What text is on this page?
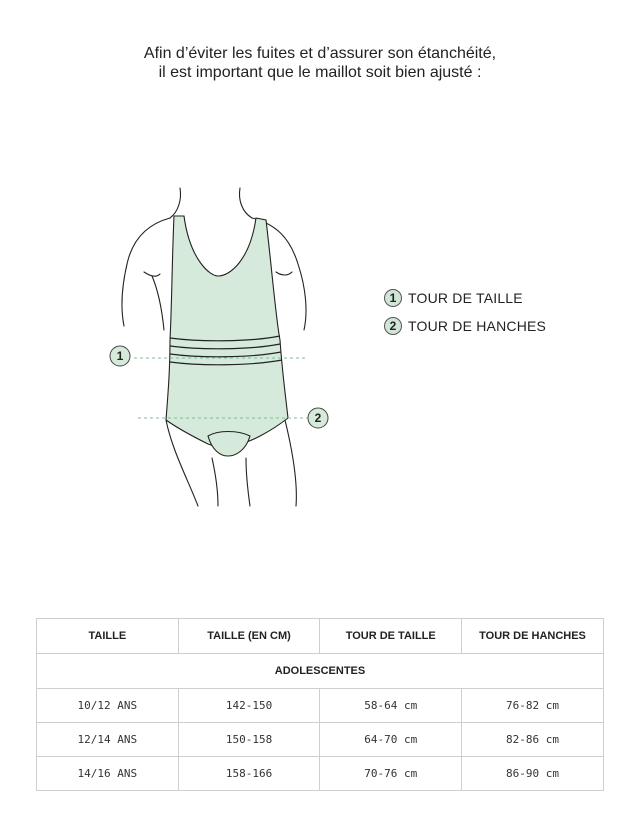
Afin d’éviter les fuites et d’assurer son étanchéité,
il est important que le maillot soit bien ajusté :
1
2
1 TOUR DE TAILLE
2 TOUR DE HANCHES
TAILLE	TAILLE (EN CM)	TOUR DE TAILLE	TOUR DE HANCHES
ADOLESCENTES			
10/12 ANS	142-150	58-64 cm	76-82 cm
12/14 ANS	150-158	64-70 cm	82-86 cm
14/16 ANS	158-166	70-76 cm	86-90 cm
